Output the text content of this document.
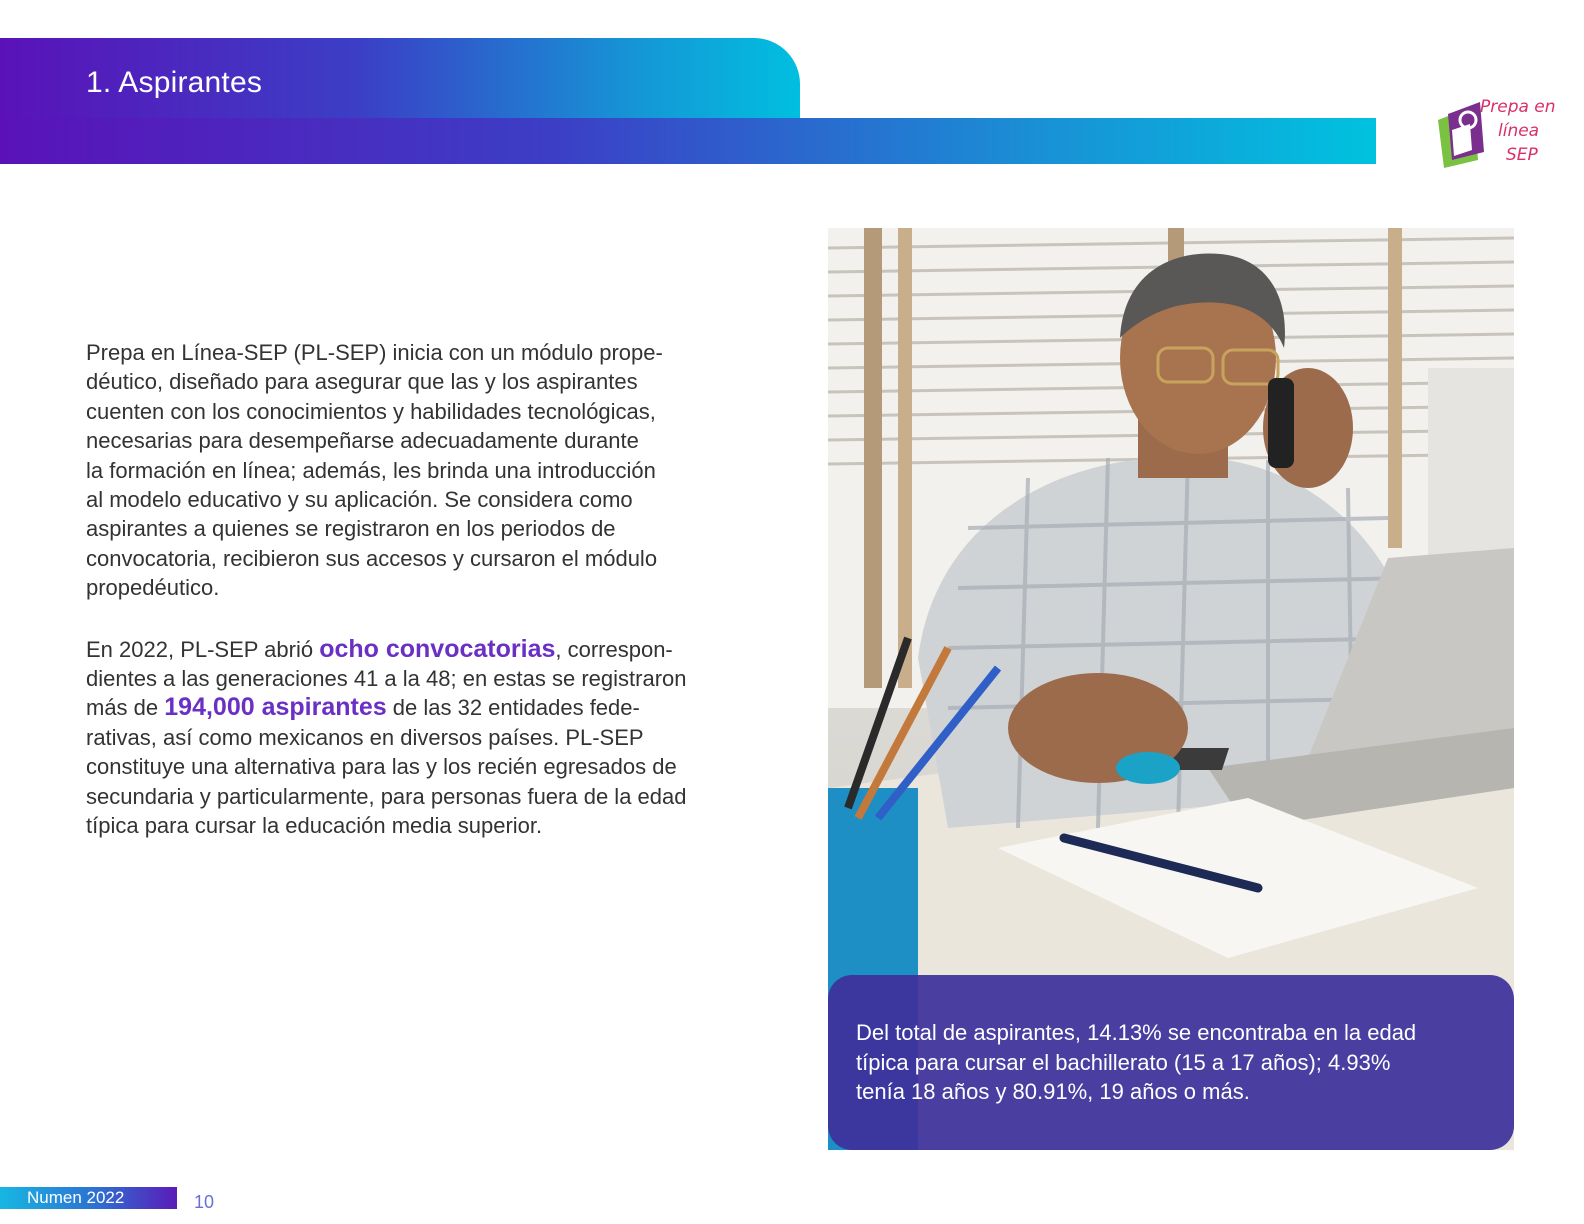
1. Aspirantes
Prepa en
línea
SEP

Prepa en Línea-SEP (PL-SEP) inicia con un módulo prope-
déutico, diseñado para asegurar que las y los aspirantes
cuenten con los conocimientos y habilidades tecnológicas,
necesarias para desempeñarse adecuadamente durante
la formación en línea; además, les brinda una introducción
al modelo educativo y su aplicación. Se considera como
aspirantes a quienes se registraron en los periodos de
convocatoria, recibieron sus accesos y cursaron el módulo
propedéutico.

En 2022, PL-SEP abrió ocho convocatorias, correspon-
dientes a las generaciones 41 a la 48; en estas se registraron
más de 194,000 aspirantes de las 32 entidades fede-
rativas, así como mexicanos en diversos países. PL-SEP
constituye una alternativa para las y los recién egresados de
secundaria y particularmente, para personas fuera de la edad
típica para cursar la educación media superior.

Del total de aspirantes, 14.13% se encontraba en la edad
típica para cursar el bachillerato (15 a 17 años); 4.93%
tenía 18 años y 80.91%, 19 años o más.

Numen 2022	10
